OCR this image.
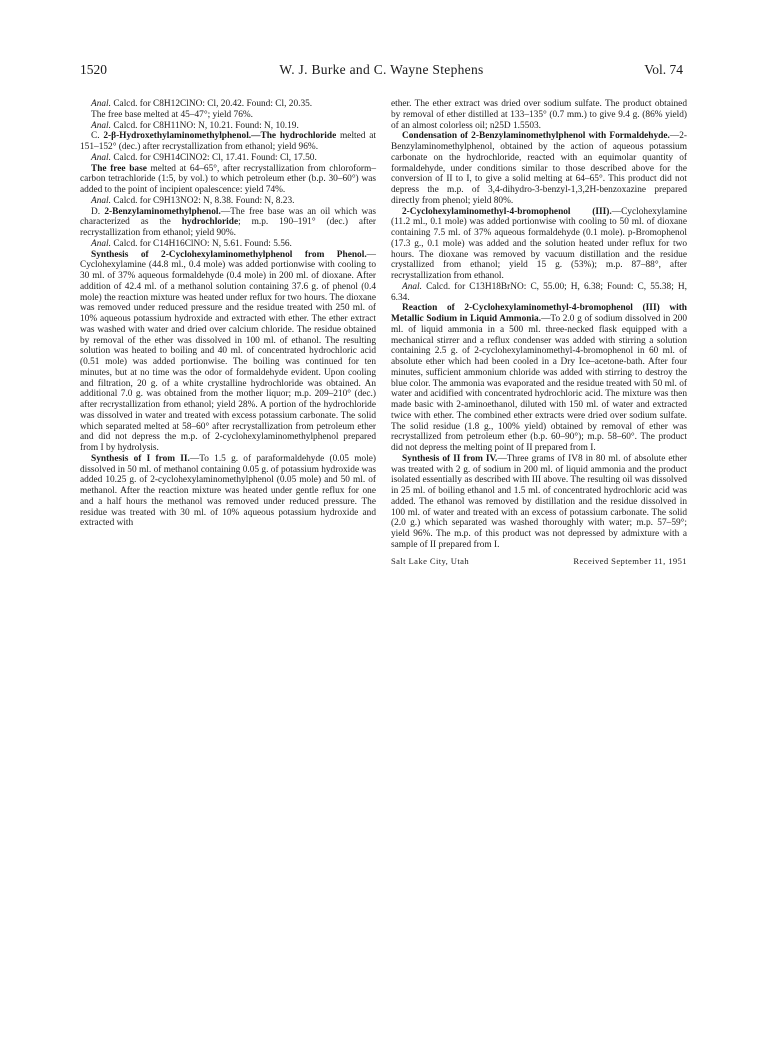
1520	W. J. Burke and C. Wayne Stephens	Vol. 74

Anal. Calcd. for C8H12ClNO: Cl, 20.42. Found: Cl, 20.35.

The free base melted at 45–47°; yield 76%.

Anal. Calcd. for C8H11NO: N, 10.21. Found: N, 10.19.

C. 2-β-Hydroxethylaminomethylphenol.—The hydrochloride melted at 151–152° (dec.) after recrystallization from ethanol; yield 96%.

Anal. Calcd. for C9H14ClNO2: Cl, 17.41. Found: Cl, 17.50.

The free base melted at 64–65°, after recrystallization from chloroform–carbon tetrachloride (1:5, by vol.) to which petroleum ether (b.p. 30–60°) was added to the point of incipient opalescence: yield 74%.

Anal. Calcd. for C9H13NO2: N, 8.38. Found: N, 8.23.

D. 2-Benzylaminomethylphenol.—The free base was an oil which was characterized as the hydrochloride; m.p. 190–191° (dec.) after recrystallization from ethanol; yield 90%.

Anal. Calcd. for C14H16ClNO: N, 5.61. Found: 5.56.

Synthesis of 2-Cyclohexylaminomethylphenol from Phenol.—Cyclohexylamine (44.8 ml., 0.4 mole) was added portionwise with cooling to 30 ml. of 37% aqueous formaldehyde (0.4 mole) in 200 ml. of dioxane. After addition of 42.4 ml. of a methanol solution containing 37.6 g. of phenol (0.4 mole) the reaction mixture was heated under reflux for two hours. The dioxane was removed under reduced pressure and the residue treated with 250 ml. of 10% aqueous potassium hydroxide and extracted with ether. The ether extract was washed with water and dried over calcium chloride. The residue obtained by removal of the ether was dissolved in 100 ml. of ethanol. The resulting solution was heated to boiling and 40 ml. of concentrated hydrochloric acid (0.51 mole) was added portionwise. The boiling was continued for ten minutes, but at no time was the odor of formaldehyde evident. Upon cooling and filtration, 20 g. of a white crystalline hydrochloride was obtained. An additional 7.0 g. was obtained from the mother liquor; m.p. 209–210° (dec.) after recrystallization from ethanol; yield 28%. A portion of the hydrochloride was dissolved in water and treated with excess potassium carbonate. The solid which separated melted at 58–60° after recrystallization from petroleum ether and did not depress the m.p. of 2-cyclohexylaminomethylphenol prepared from I by hydrolysis.

Synthesis of I from II.—To 1.5 g. of paraformaldehyde (0.05 mole) dissolved in 50 ml. of methanol containing 0.05 g. of potassium hydroxide was added 10.25 g. of 2-cyclohexylaminomethylphenol (0.05 mole) and 50 ml. of methanol. After the reaction mixture was heated under gentle reflux for one and a half hours the methanol was removed under reduced pressure. The residue was treated with 30 ml. of 10% aqueous potassium hydroxide and extracted with

ether. The ether extract was dried over sodium sulfate. The product obtained by removal of ether distilled at 133–135° (0.7 mm.) to give 9.4 g. (86% yield) of an almost colorless oil; n25D 1.5503.

Condensation of 2-Benzylaminomethylphenol with Formaldehyde.—2-Benzylaminomethylphenol, obtained by the action of aqueous potassium carbonate on the hydrochloride, reacted with an equimolar quantity of formaldehyde, under conditions similar to those described above for the conversion of II to I, to give a solid melting at 64–65°. This product did not depress the m.p. of 3,4-dihydro-3-benzyl-1,3,2H-benzoxazine prepared directly from phenol; yield 80%.

2-Cyclohexylaminomethyl-4-bromophenol (III).—Cyclohexylamine (11.2 ml., 0.1 mole) was added portionwise with cooling to 50 ml. of dioxane containing 7.5 ml. of 37% aqueous formaldehyde (0.1 mole). p-Bromophenol (17.3 g., 0.1 mole) was added and the solution heated under reflux for two hours. The dioxane was removed by vacuum distillation and the residue crystallized from ethanol; yield 15 g. (53%); m.p. 87–88°, after recrystallization from ethanol.

Anal. Calcd. for C13H18BrNO: C, 55.00; H, 6.38; Found: C, 55.38; H, 6.34.

Reaction of 2-Cyclohexylaminomethyl-4-bromophenol (III) with Metallic Sodium in Liquid Ammonia.—To 2.0 g of sodium dissolved in 200 ml. of liquid ammonia in a 500 ml. three-necked flask equipped with a mechanical stirrer and a reflux condenser was added with stirring a solution containing 2.5 g. of 2-cyclohexylaminomethyl-4-bromophenol in 60 ml. of absolute ether which had been cooled in a Dry Ice–acetone-bath. After four minutes, sufficient ammonium chloride was added with stirring to destroy the blue color. The ammonia was evaporated and the residue treated with 50 ml. of water and acidified with concentrated hydrochloric acid. The mixture was then made basic with 2-aminoethanol, diluted with 150 ml. of water and extracted twice with ether. The combined ether extracts were dried over sodium sulfate. The solid residue (1.8 g., 100% yield) obtained by removal of ether was recrystallized from petroleum ether (b.p. 60–90°); m.p. 58–60°. The product did not depress the melting point of II prepared from I.

Synthesis of II from IV.—Three grams of IV8 in 80 ml. of absolute ether was treated with 2 g. of sodium in 200 ml. of liquid ammonia and the product isolated essentially as described with III above. The resulting oil was dissolved in 25 ml. of boiling ethanol and 1.5 ml. of concentrated hydrochloric acid was added. The ethanol was removed by distillation and the residue dissolved in 100 ml. of water and treated with an excess of potassium carbonate. The solid (2.0 g.) which separated was washed thoroughly with water; m.p. 57–59°; yield 96%. The m.p. of this product was not depressed by admixture with a sample of II prepared from I.

Salt Lake City, Utah	Received September 11, 1951
